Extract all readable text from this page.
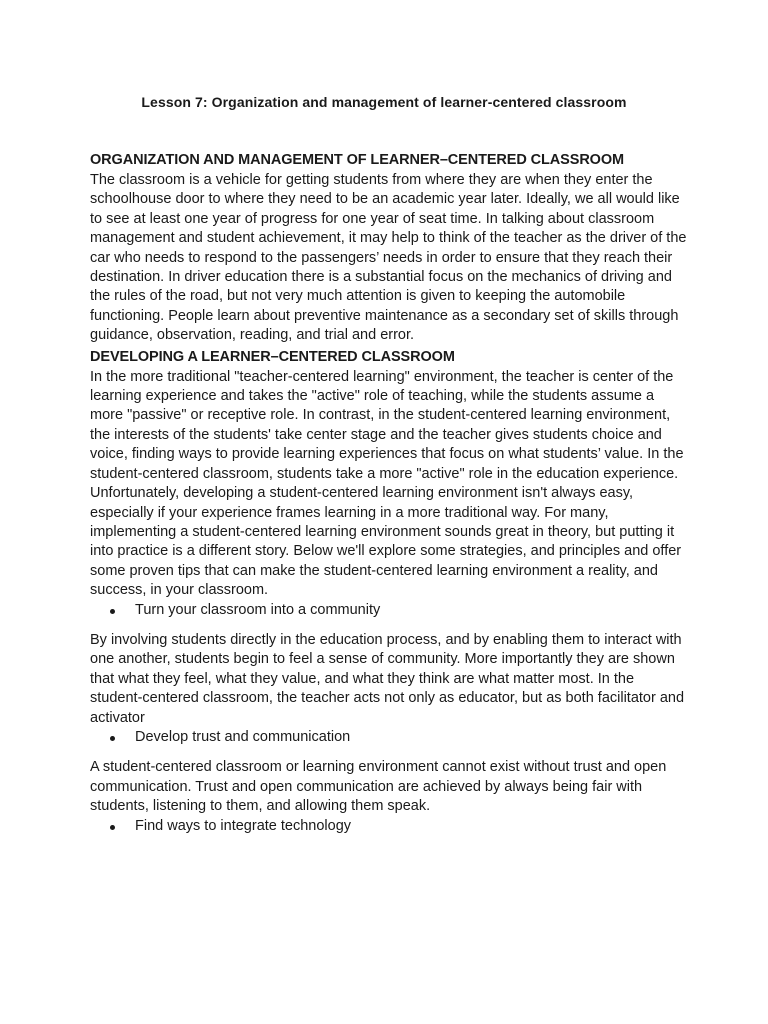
Lesson 7: Organization and management of learner-centered classroom
ORGANIZATION AND MANAGEMENT OF LEARNER–CENTERED CLASSROOM

The classroom is a vehicle for getting students from where they are when they enter the schoolhouse door to where they need to be an academic year later. Ideally, we all would like to see at least one year of progress for one year of seat time. In talking about classroom management and student achievement, it may help to think of the teacher as the driver of the car who needs to respond to the passengers’ needs in order to ensure that they reach their destination. In driver education there is a substantial focus on the mechanics of driving and the rules of the road, but not very much attention is given to keeping the automobile functioning. People learn about preventive maintenance as a secondary set of skills through guidance, observation, reading, and trial and error.

DEVELOPING A LEARNER–CENTERED CLASSROOM

In the more traditional "teacher-centered learning" environment, the teacher is center of the learning experience and takes the "active" role of teaching, while the students assume a more "passive" or receptive role. In contrast, in the student-centered learning environment, the interests of the students' take center stage and the teacher gives students choice and voice, finding ways to provide learning experiences that focus on what students’ value. In the student-centered classroom, students take a more "active" role in the education experience.

Unfortunately, developing a student-centered learning environment isn't always easy, especially if your experience frames learning in a more traditional way. For many, implementing a student-centered learning environment sounds great in theory, but putting it into practice is a different story. Below we'll explore some strategies, and principles and offer some proven tips that can make the student-centered learning environment a reality, and success, in your classroom.

Turn your classroom into a community

By involving students directly in the education process, and by enabling them to interact with one another, students begin to feel a sense of community. More importantly they are shown that what they feel, what they value, and what they think are what matter most. In the student-centered classroom, the teacher acts not only as educator, but as both facilitator and activator

Develop trust and communication

A student-centered classroom or learning environment cannot exist without trust and open communication. Trust and open communication are achieved by always being fair with students, listening to them, and allowing them speak.

Find ways to integrate technology
